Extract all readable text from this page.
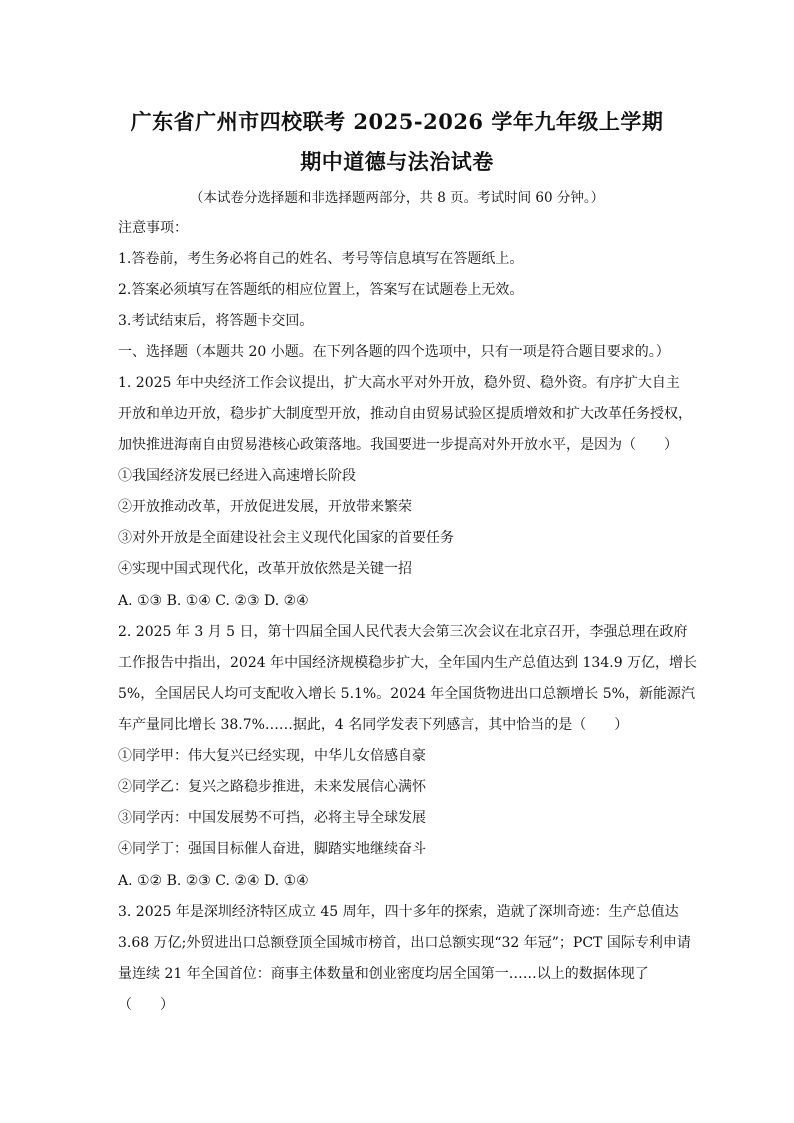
广东省广州市四校联考 2025-2026 学年九年级上学期
期中道德与法治试卷
（本试卷分选择题和非选择题两部分，共 8 页。考试时间 60 分钟。）
注意事项：
1.答卷前，考生务必将自己的姓名、考号等信息填写在答题纸上。
2.答案必须填写在答题纸的相应位置上，答案写在试题卷上无效。
3.考试结束后，将答题卡交回。
一、选择题（本题共 20 小题。在下列各题的四个选项中，只有一项是符合题目要求的。）
1. 2025 年中央经济工作会议提出，扩大高水平对外开放，稳外贸、稳外资。有序扩大自主
开放和单边开放，稳步扩大制度型开放，推动自由贸易试验区提质增效和扩大改革任务授权，
加快推进海南自由贸易港核心政策落地。我国要进一步提高对外开放水平，是因为（　　）
①我国经济发展已经进入高速增长阶段
②开放推动改革，开放促进发展，开放带来繁荣
③对外开放是全面建设社会主义现代化国家的首要任务
④实现中国式现代化，改革开放依然是关键一招
A. ①③ B. ①④ C. ②③ D. ②④
2. 2025 年 3 月 5 日，第十四届全国人民代表大会第三次会议在北京召开，李强总理在政府
工作报告中指出，2024 年中国经济规模稳步扩大，全年国内生产总值达到 134.9 万亿，增长
5%，全国居民人均可支配收入增长 5.1%。2024 年全国货物进出口总额增长 5%，新能源汽
车产量同比增长 38.7%……据此，4 名同学发表下列感言，其中恰当的是（　　）
①同学甲：伟大复兴已经实现，中华儿女倍感自豪
②同学乙：复兴之路稳步推进，未来发展信心满怀
③同学丙：中国发展势不可挡，必将主导全球发展
④同学丁：强国目标催人奋进，脚踏实地继续奋斗
A. ①② B. ②③ C. ②④ D. ①④
3. 2025 年是深圳经济特区成立 45 周年，四十多年的探索，造就了深圳奇迹：生产总值达
3.68 万亿;外贸进出口总额登顶全国城市榜首，出口总额实现“32 年冠”；PCT 国际专利申请
量连续 21 年全国首位：商事主体数量和创业密度均居全国第一……以上的数据体现了
（　　）
